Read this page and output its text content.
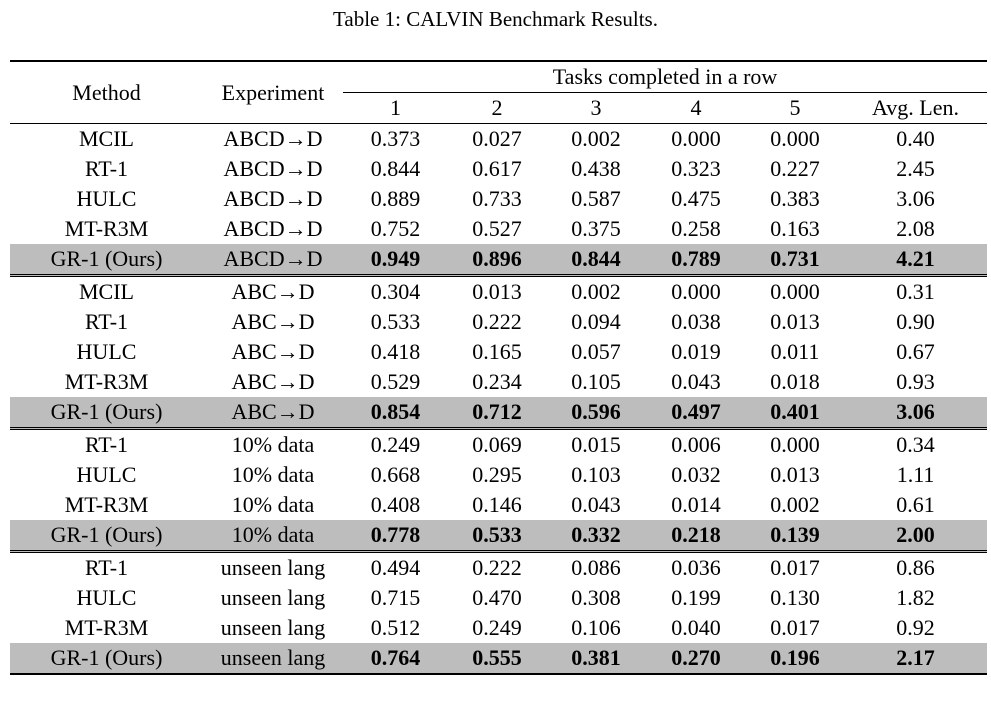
Table 1: CALVIN Benchmark Results.
Method	Experiment	Tasks completed in a row					
		1	2	3	4	5	Avg. Len.
MCIL	ABCD→D	0.373	0.027	0.002	0.000	0.000	0.40
RT-1	ABCD→D	0.844	0.617	0.438	0.323	0.227	2.45
HULC	ABCD→D	0.889	0.733	0.587	0.475	0.383	3.06
MT-R3M	ABCD→D	0.752	0.527	0.375	0.258	0.163	2.08
GR-1 (Ours)	ABCD→D	0.949	0.896	0.844	0.789	0.731	4.21
MCIL	ABC→D	0.304	0.013	0.002	0.000	0.000	0.31
RT-1	ABC→D	0.533	0.222	0.094	0.038	0.013	0.90
HULC	ABC→D	0.418	0.165	0.057	0.019	0.011	0.67
MT-R3M	ABC→D	0.529	0.234	0.105	0.043	0.018	0.93
GR-1 (Ours)	ABC→D	0.854	0.712	0.596	0.497	0.401	3.06
RT-1	10% data	0.249	0.069	0.015	0.006	0.000	0.34
HULC	10% data	0.668	0.295	0.103	0.032	0.013	1.11
MT-R3M	10% data	0.408	0.146	0.043	0.014	0.002	0.61
GR-1 (Ours)	10% data	0.778	0.533	0.332	0.218	0.139	2.00
RT-1	unseen lang	0.494	0.222	0.086	0.036	0.017	0.86
HULC	unseen lang	0.715	0.470	0.308	0.199	0.130	1.82
MT-R3M	unseen lang	0.512	0.249	0.106	0.040	0.017	0.92
GR-1 (Ours)	unseen lang	0.764	0.555	0.381	0.270	0.196	2.17
